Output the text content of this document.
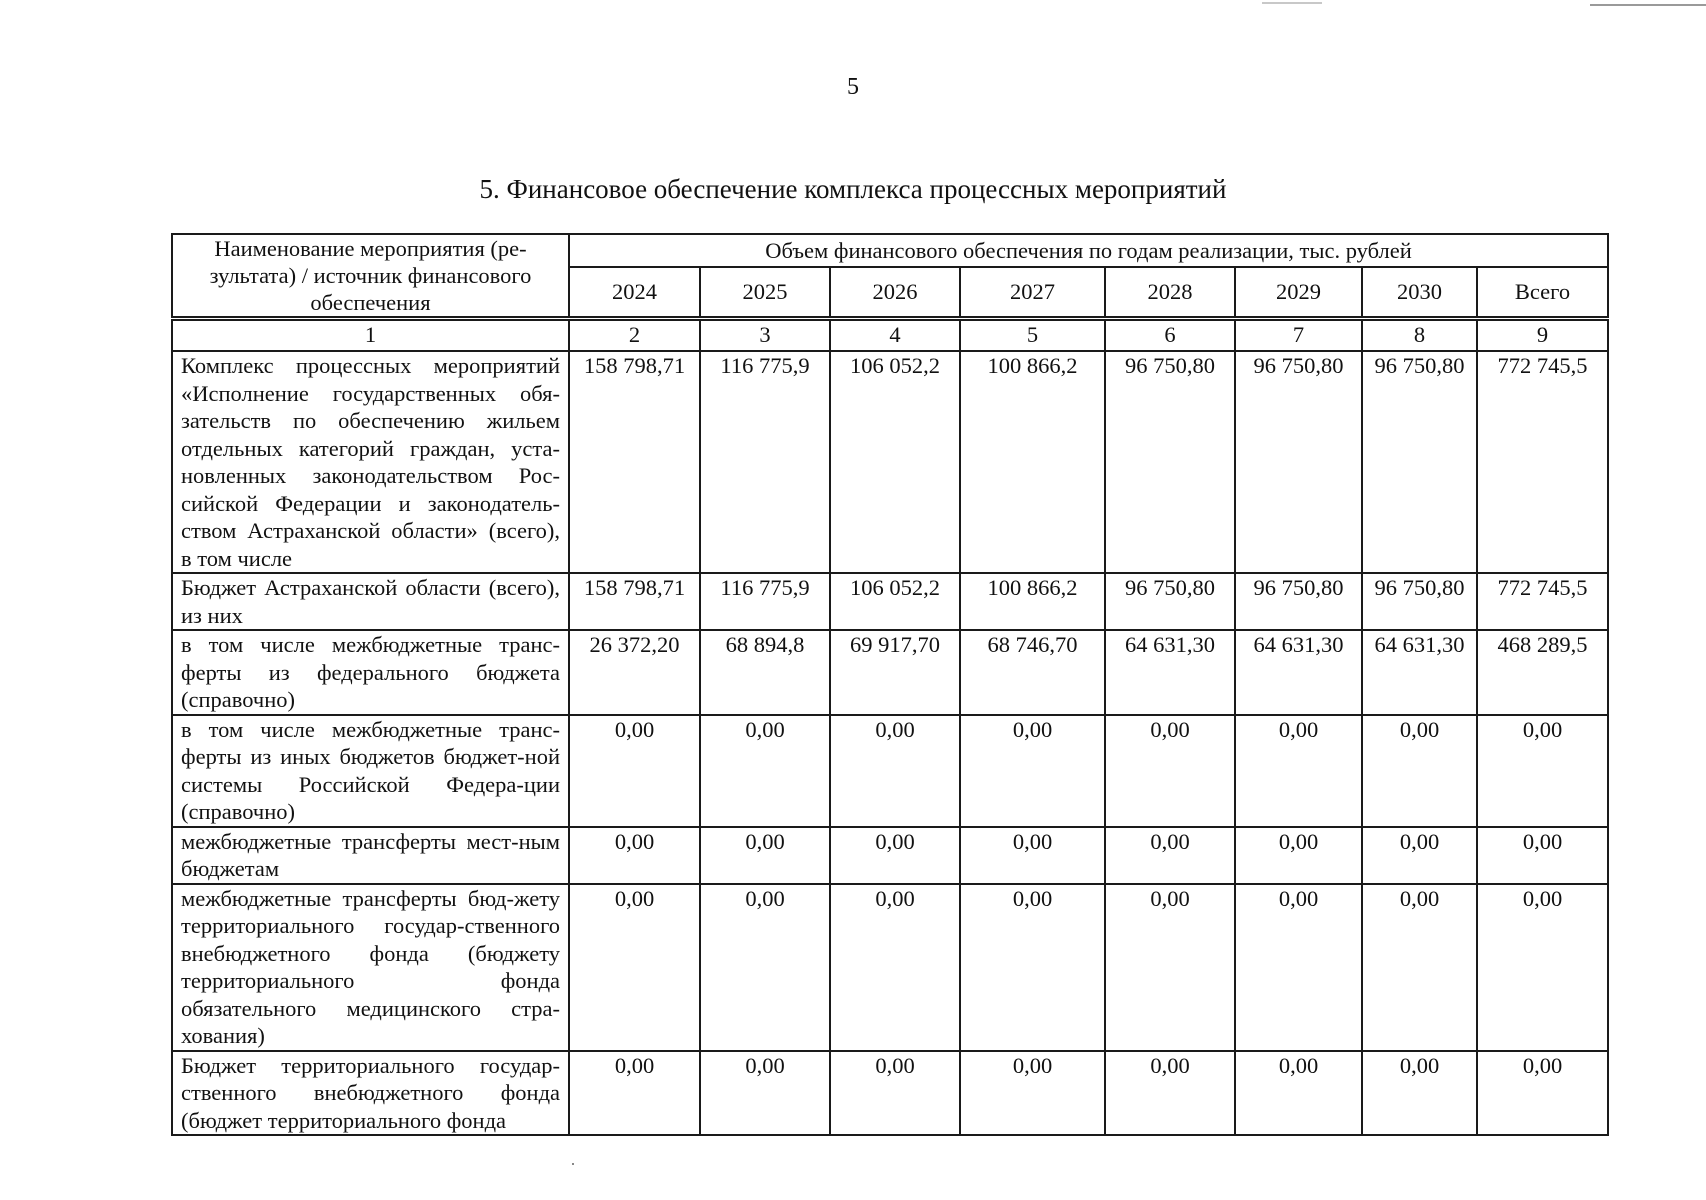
5
5. Финансовое обеспечение комплекса процессных мероприятий
Наименование мероприятия (ре-зультата) / источник финансового обеспечения	Объем финансового обеспечения по годам реализации, тыс. рублей							
	2024	2025	2026	2027	2028	2029	2030	Всего
1	2	3	4	5	6	7	8	9
Комплекс процессных мероприятий «Исполнение государственных обя-зательств по обеспечению жильем отдельных категорий граждан, уста-новленных законодательством Рос-сийской Федерации и законодатель-ством Астраханской области» (всего), в том числе	158 798,71	116 775,9	106 052,2	100 866,2	96 750,80	96 750,80	96 750,80	772 745,5
Бюджет Астраханской области (всего), из них	158 798,71	116 775,9	106 052,2	100 866,2	96 750,80	96 750,80	96 750,80	772 745,5
в том числе межбюджетные транс-ферты из федерального бюджета (справочно)	26 372,20	68 894,8	69 917,70	68 746,70	64 631,30	64 631,30	64 631,30	468 289,5
в том числе межбюджетные транс-ферты из иных бюджетов бюджет-ной системы Российской Федера-ции (справочно)	0,00	0,00	0,00	0,00	0,00	0,00	0,00	0,00
межбюджетные трансферты мест-ным бюджетам	0,00	0,00	0,00	0,00	0,00	0,00	0,00	0,00
межбюджетные трансферты бюд-жету территориального государ-ственного внебюджетного фонда (бюджету территориального фонда обязательного медицинского стра-хования)	0,00	0,00	0,00	0,00	0,00	0,00	0,00	0,00
Бюджет территориального государ-ственного внебюджетного фонда (бюджет территориального фонда	0,00	0,00	0,00	0,00	0,00	0,00	0,00	0,00
